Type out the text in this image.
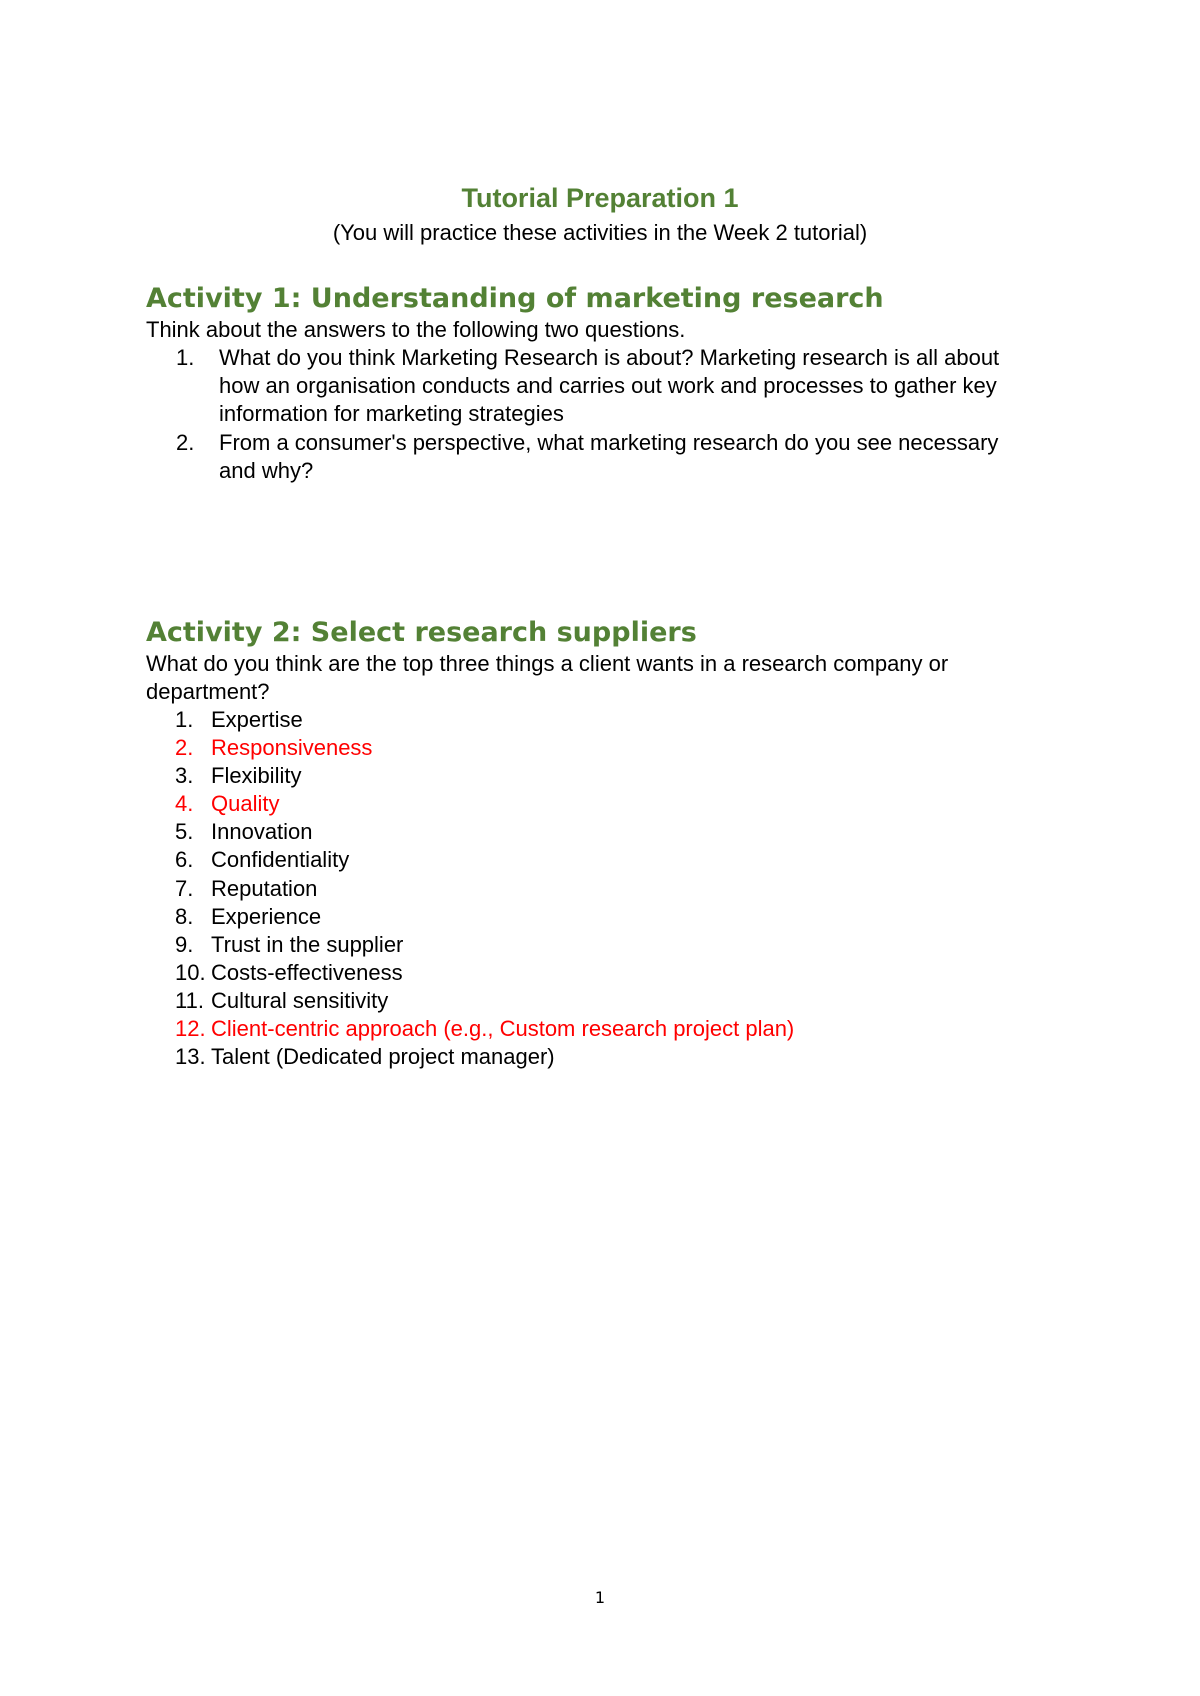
Tutorial Preparation 1
(You will practice these activities in the Week 2 tutorial)
Activity 1: Understanding of marketing research

Think about the answers to the following two questions.

1. What do you think Marketing Research is about? Marketing research is all about how an organisation conducts and carries out work and processes to gather key information for marketing strategies
2. From a consumer's perspective, what marketing research do you see necessary and why?
Activity 2: Select research suppliers

What do you think are the top three things a client wants in a research company or department?

1. Expertise
2. Responsiveness
3. Flexibility
4. Quality
5. Innovation
6. Confidentiality
7. Reputation
8. Experience
9. Trust in the supplier
10. Costs-effectiveness
11. Cultural sensitivity
12. Client-centric approach (e.g., Custom research project plan)
13. Talent (Dedicated project manager)
1
